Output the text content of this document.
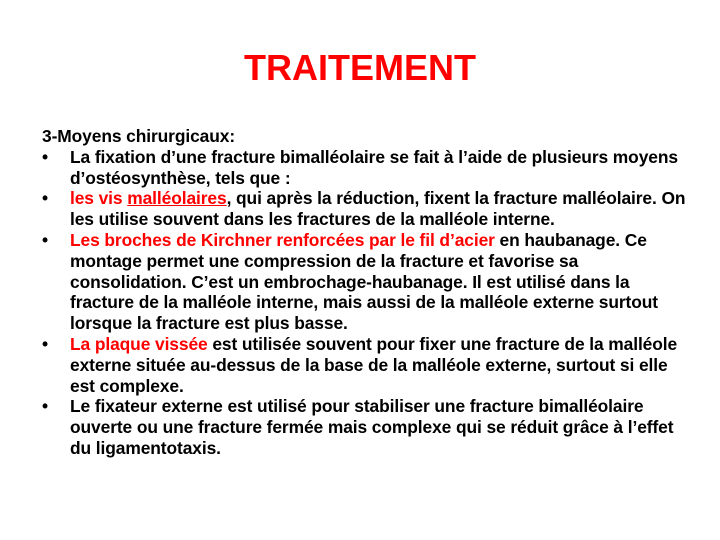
TRAITEMENT

3-Moyens chirurgicaux:

•	La fixation d’une fracture bimalléolaire se fait à l’aide de plusieurs moyens d’ostéosynthèse, tels que :
•	les vis malléolaires, qui après la réduction, fixent la fracture malléolaire. On les utilise souvent dans les fractures de la malléole interne.
•	Les broches de Kirchner renforcées par le fil d’acier en haubanage. Ce montage permet une compression de la fracture et favorise sa consolidation. C’est un embrochage-haubanage. Il est utilisé dans la fracture de la malléole interne, mais aussi de la malléole externe surtout lorsque la fracture est plus basse.
•	La plaque vissée est utilisée souvent pour fixer une fracture de la malléole externe située au-dessus de la base de la malléole externe, surtout si elle est complexe.
•	Le fixateur externe est utilisé pour stabiliser une fracture bimalléolaire ouverte ou une fracture fermée mais complexe qui se réduit grâce à l’effet du ligamentotaxis.
